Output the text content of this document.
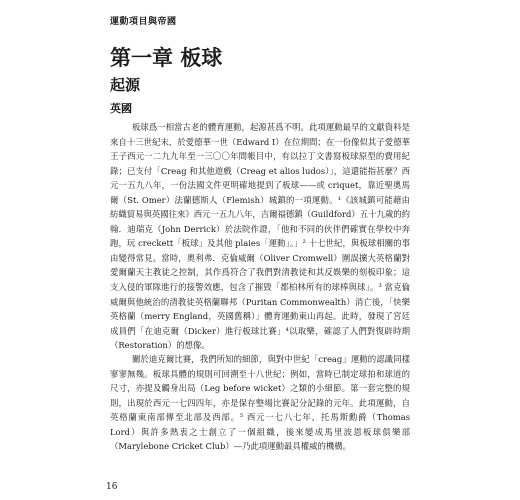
運動項目與帝國
第一章 板球
起源
英國

板球爲一相當古老的體育運動，起源甚爲不明。此項運動最早的文獻資料是來自十三世紀末，於愛德華一世（Edward I）在位期間；在一份像似其子愛德華王子西元一二九九年至一三〇〇年間帳目中，有以拉丁文書寫板球原型的費用紀錄；已支付「Creag 和其他遊戲（Creag et alios ludos）」，這還能指甚麼？西元一五九八年，一份法國文件更明確地提到了板球——或 criquet，靠近聖奧馬爾（St. Omer）法蘭德斯人（Flemish）城鎮的一項運動。¹《該城鎮可能藉由紡織貿易與英國往來》西元一五九八年，吉爾福德鎮（Guildford）五十九歲的約翰．迪瑞克（John Derrick）於法院作證，「他和不同的伙伴們確實在學校中奔跑，玩 creckett「板球」及其他 plaies「運動」。」² 十七世紀，與板球相關的事由變得常見。當時，奧利弗．克倫威爾（Oliver Cromwell）圍誤擴大英格蘭對愛爾蘭天主教徒之控制，其作爲符合了我們對清教徒和其反娛樂的刻板印象；這支入侵的軍隊進行的接警效應，包含了摧毀「都柏林所有的球棒與球」。³ 當克倫威爾與他統治的清教徒英格蘭聯邦（Puritan Commonwealth）消亡後，「快樂英格蘭（merry England，英國舊稱）」體育運動東山再起。此時，發現了宮廷成員們「在迪克爾（Dicker）進行板球比賽」⁴以取樂，確認了人們對復辟時期（Restoration）的想像。

關於迪克爾比賽，我們所知的細節，與對中世紀「creag」運動的認識同樣寥寥無幾。板球具體的規則可回溯至十八世紀；例如，當時已制定球拍和球道的尺寸，亦提及觸身出局（Leg before wicket）之類的小細節。第一套完整的規則，出現於西元一七四四年，亦是保存整場比賽記分記錄的元年。此項運動，自英格蘭東南部傳至北部及西部。⁵ 西元一七八七年，托馬斯勳爵（Thomas Lord）與許多熱衷之士創立了一個組織，後來變成馬里波恩板球俱樂部（Marylebone Cricket Club）—乃此項運動最具權威的機構。

16
